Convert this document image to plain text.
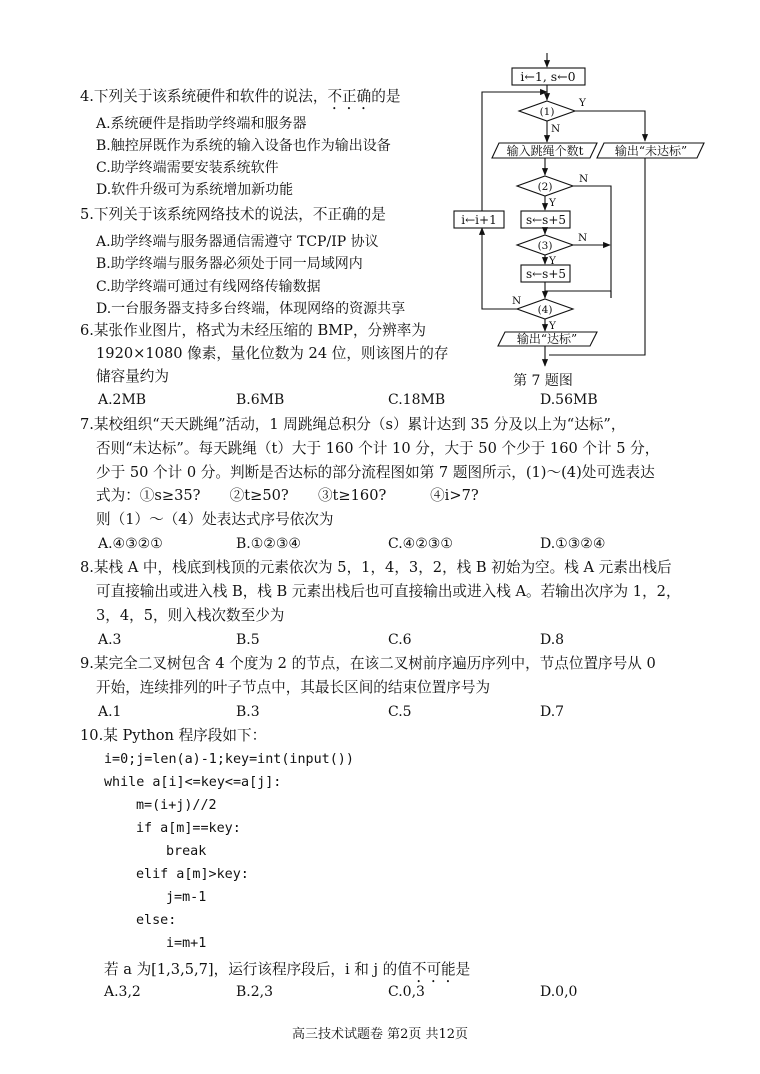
4.下列关于该系统硬件和软件的说法，不正确的是
A.系统硬件是指助学终端和服务器
B.触控屏既作为系统的输入设备也作为输出设备
C.助学终端需要安装系统软件
D.软件升级可为系统增加新功能
5.下列关于该系统网络技术的说法，不正确的是
A.助学终端与服务器通信需遵守 TCP/IP 协议
B.助学终端与服务器必须处于同一局域网内
C.助学终端可通过有线网络传输数据
D.一台服务器支持多台终端，体现网络的资源共享
6.某张作业图片，格式为未经压缩的 BMP，分辨率为
1920×1080 像素，量化位数为 24 位，则该图片的存
储容量约为
A.2MB	B.6MB	C.18MB	D.56MB
i←1, s←0
(1)
Y
N
输入跳绳个数t	输出“未达标”
(2)
N
Y
s←s+5
(3)
N
Y
s←s+5
i←i+1
(4)
N
Y
输出“达标”
第 7 题图
7.某校组织“天天跳绳”活动，1 周跳绳总积分（s）累计达到 35 分及以上为“达标”，
否则“未达标”。每天跳绳（t）大于 160 个计 10 分，大于 50 个少于 160 个计 5 分，
少于 50 个计 0 分。判断是否达标的部分流程图如第 7 题图所示，(1)～(4)处可选表达
式为：①s≥35?　　②t≥50?　　③t≥160?　　　④i>7?
则（1）～（4）处表达式序号依次为
A.④③②①	B.①②③④	C.④②③①	D.①③②④
8.某栈 A 中，栈底到栈顶的元素依次为 5，1，4，3，2，栈 B 初始为空。栈 A 元素出栈后
可直接输出或进入栈 B，栈 B 元素出栈后也可直接输出或进入栈 A。若输出次序为 1，2，
3，4，5，则入栈次数至少为
A.3	B.5	C.6	D.8
9.某完全二叉树包含 4 个度为 2 的节点，在该二叉树前序遍历序列中，节点位置序号从 0
开始，连续排列的叶子节点中，其最长区间的结束位置序号为
A.1	B.3	C.5	D.7
10.某 Python 程序段如下：
i=0;j=len(a)-1;key=int(input())
while a[i]<=key<=a[j]:
m=(i+j)//2
if a[m]==key:
break
elif a[m]>key:
j=m-1
else:
i=m+1
若 a 为[1,3,5,7]，运行该程序段后，i 和 j 的值不可能是
A.3,2	B.2,3	C.0,3	D.0,0
高三技术试题卷 第2页 共12页
